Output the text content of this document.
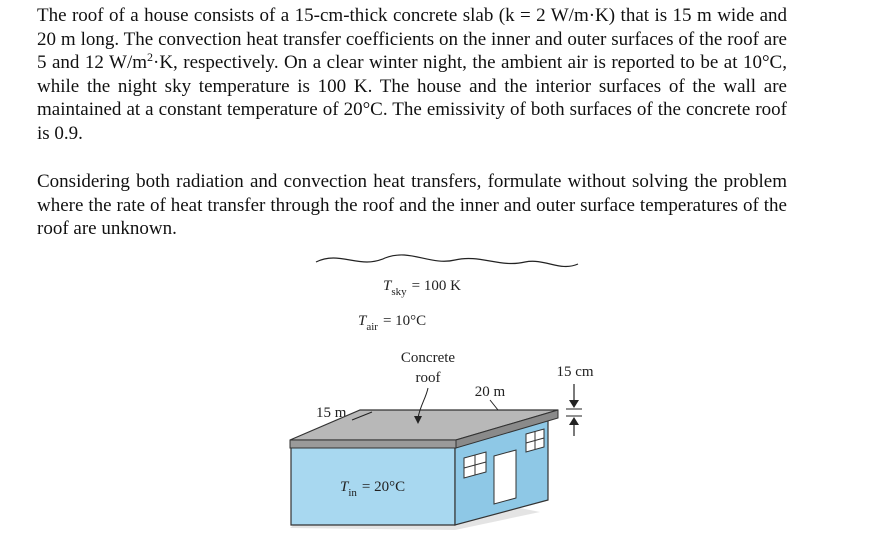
The roof of a house consists of a 15-cm-thick concrete slab (k = 2 W/m·K) that is 15 m wide and 20 m long. The convection heat transfer coefficients on the inner and outer surfaces of the roof are 5 and 12 $W/m^2\cdot K$, respectively. On a clear winter night, the ambient air is reported to be at 10°C, while the night sky temperature is 100 K. The house and the interior surfaces of the wall are maintained at a constant temperature of 20°C. The emissivity of both surfaces of the concrete roof is 0.9.

Considering both radiation and convection heat transfers, formulate without solving the problem where the rate of heat transfer through the roof and the inner and outer surface temperatures of the roof are unknown.

$T_{sky} = 100$ K
$T_{air} = 10^\circ C$
Concrete
roof
20 m
15 m
15 cm
$T_{in} = 20^\circ C$
